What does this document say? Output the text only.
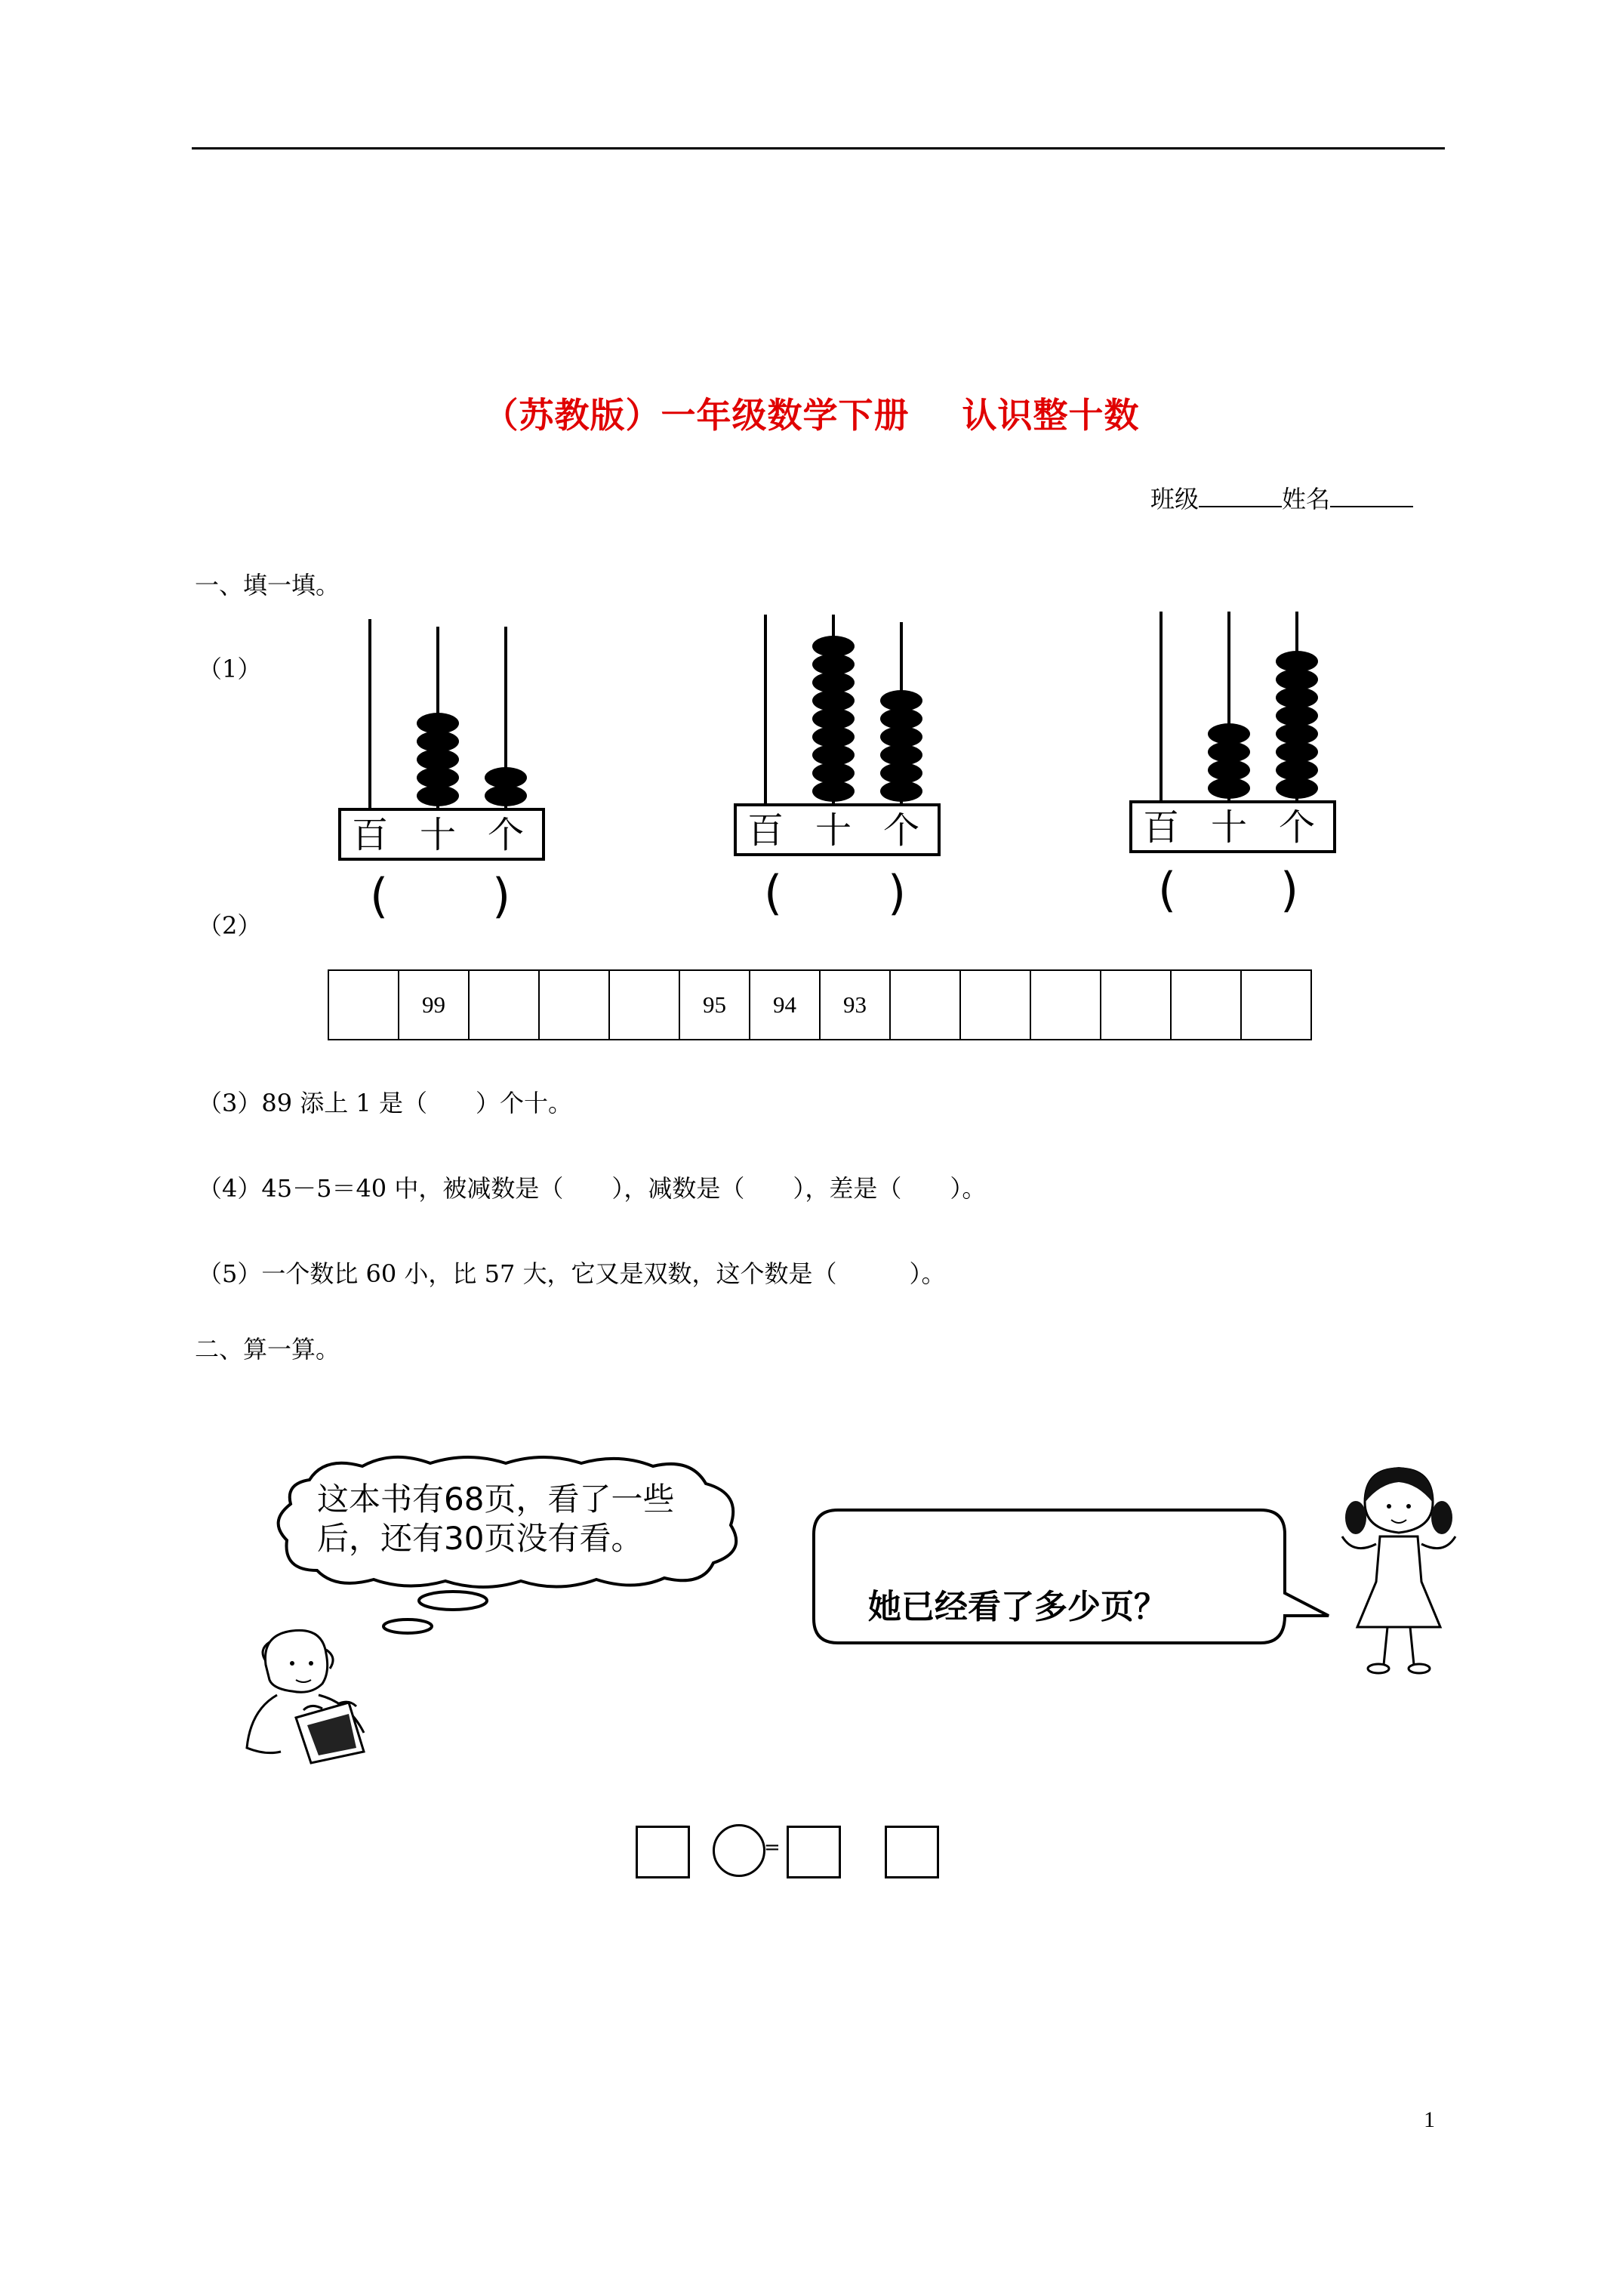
（苏教版）一年级数学下册 认识整十数
班级	姓名
一、填一填。
（1）
百 十 个	百 十 个	百 十 个
( )	( )	( )
（2）
	99				95	94	93						
（3）89 添上 1 是（　　）个十。
（4）45－5＝40 中，被减数是（　　），减数是（　　），差是（　　）。
（5）一个数比 60 小，比 57 大，它又是双数，这个数是（　　　）。
二、算一算。
这本书有68页，看了一些
后，还有30页没有看。
她已经看了多少页？
=
1
